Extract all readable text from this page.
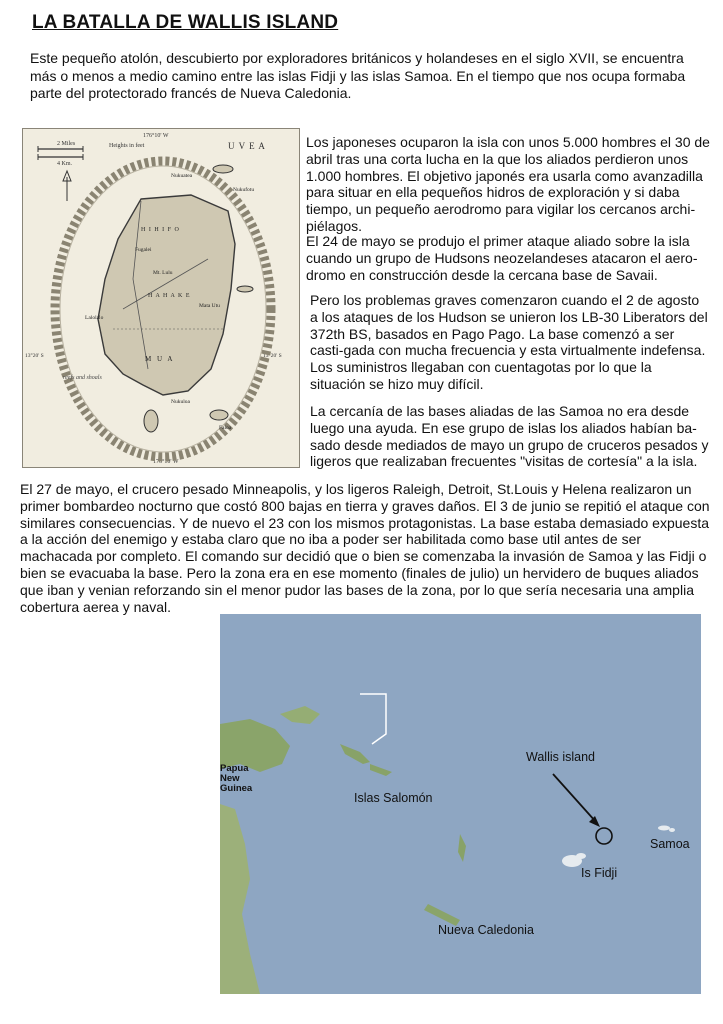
LA BATALLA DE WALLIS ISLAND

Este pequeño atolón, descubierto por exploradores británicos y holandeses en el siglo XVII, se encuentra más o menos a medio camino entre las islas Fidji y las islas Samoa. En el tiempo que nos ocupa formaba parte del protectorado francés de Nueva Caledonia.

2 Miles
4 Km.
Heights in feet
176°10' W
176°10' W
13°20' S	13°20' S
U V E A
H I H I F O
H A H A K E
M U A
Mt. Lulu
Mata Utu
Nukuatea
Fugalei
Nukuloa
Faioa
Nukufotu
Lalolalo
reefs and shoals

Los japoneses ocuparon la isla con unos 5.000 hombres el 30 de abril tras una corta lucha en la que los aliados perdieron unos 1.000 hombres. El objetivo japonés era usarla como avanzadilla para situar en ella pequeños hidros de exploración y si daba tiempo, un pequeño aerodromo para vigilar los cercanos archi-piélagos.

El 24 de mayo se produjo el primer ataque aliado sobre la isla cuando un grupo de Hudsons neozelandeses atacaron el aero-dromo en construcción desde la cercana base de Savaii.

Pero los problemas graves comenzaron cuando el 2 de agosto a los ataques de los Hudson se unieron los LB-30 Liberators del 372th BS, basados en Pago Pago. La base comenzó a ser casti-gada con mucha frecuencia y esta virtualmente indefensa. Los suministros llegaban con cuentagotas por lo que la situación se hizo muy difícil.

La cercanía de las bases aliadas de las Samoa no era desde luego una ayuda. En ese grupo de islas los aliados habían ba-sado desde mediados de mayo un grupo de cruceros pesados y ligeros que realizaban frecuentes "visitas de cortesía" a la isla.

El 27 de mayo, el crucero pesado Minneapolis, y los ligeros Raleigh, Detroit, St.Louis y Helena realizaron un primer bombardeo nocturno que costó 800 bajas en tierra y graves daños. El 3 de junio se repitió el ataque con similares consecuencias. Y de nuevo el 23 con los mismos protagonistas. La base estaba demasiado expuesta a la acción del enemigo y estaba claro que no iba a poder ser habilitada como base util antes de ser machacada por completo. El comando sur decidió que o bien se comenzaba la invasión de Samoa y las Fidji o bien se evacuaba la base. Pero la zona era en ese momento (finales de julio) un hervidero de buques aliados que iban y venian reforzando sin el menor pudor las bases de la zona, por lo que sería necesaria una amplia cobertura aerea y naval.

Papua New Guinea
Islas Salomón
Wallis island
Samoa
Is Fidji
Nueva Caledonia
